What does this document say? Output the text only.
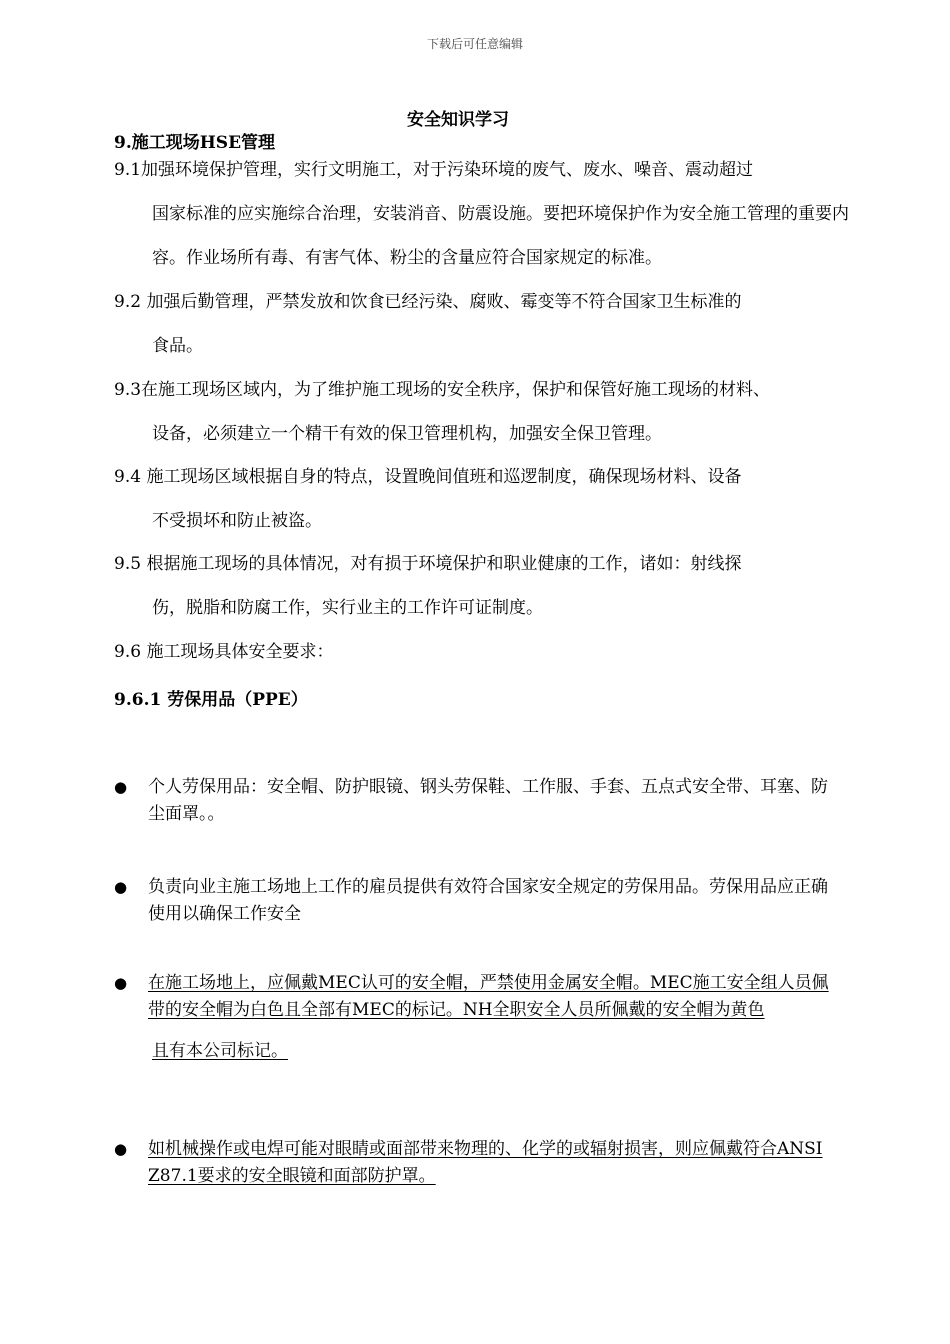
下载后可任意编辑
安全知识学习
9.施工现场HSE管理
9.1加强环境保护管理，实行文明施工，对于污染环境的废气、废水、噪音、震动超过
国家标准的应实施综合治理，安装消音、防震设施。要把环境保护作为安全施工管理的重要内容。作业场所有毒、有害气体、粉尘的含量应符合国家规定的标准。
9.2 加强后勤管理，严禁发放和饮食已经污染、腐败、霉变等不符合国家卫生标准的
食品。
9.3在施工现场区域内，为了维护施工现场的安全秩序，保护和保管好施工现场的材料、
设备，必须建立一个精干有效的保卫管理机构，加强安全保卫管理。
9.4 施工现场区域根据自身的特点，设置晚间值班和巡逻制度，确保现场材料、设备
不受损坏和防止被盗。
9.5 根据施工现场的具体情况，对有损于环境保护和职业健康的工作，诸如：射线探
伤，脱脂和防腐工作，实行业主的工作许可证制度。
9.6 施工现场具体安全要求：
9.6.1 劳保用品（PPE）
●	个人劳保用品：安全帽、防护眼镜、钢头劳保鞋、工作服、手套、五点式安全带、耳塞、防尘面罩。。
●	负责向业主施工场地上工作的雇员提供有效符合国家安全规定的劳保用品。劳保用品应正确使用以确保工作安全
●	在施工场地上，应佩戴MEC认可的安全帽，严禁使用金属安全帽。MEC施工安全组人员佩带的安全帽为白色且全部有MEC的标记。NH全职安全人员所佩戴的安全帽为黄色
且有本公司标记。
●	如机械操作或电焊可能对眼睛或面部带来物理的、化学的或辐射损害，则应佩戴符合ANSI Z87.1要求的安全眼镜和面部防护罩。
